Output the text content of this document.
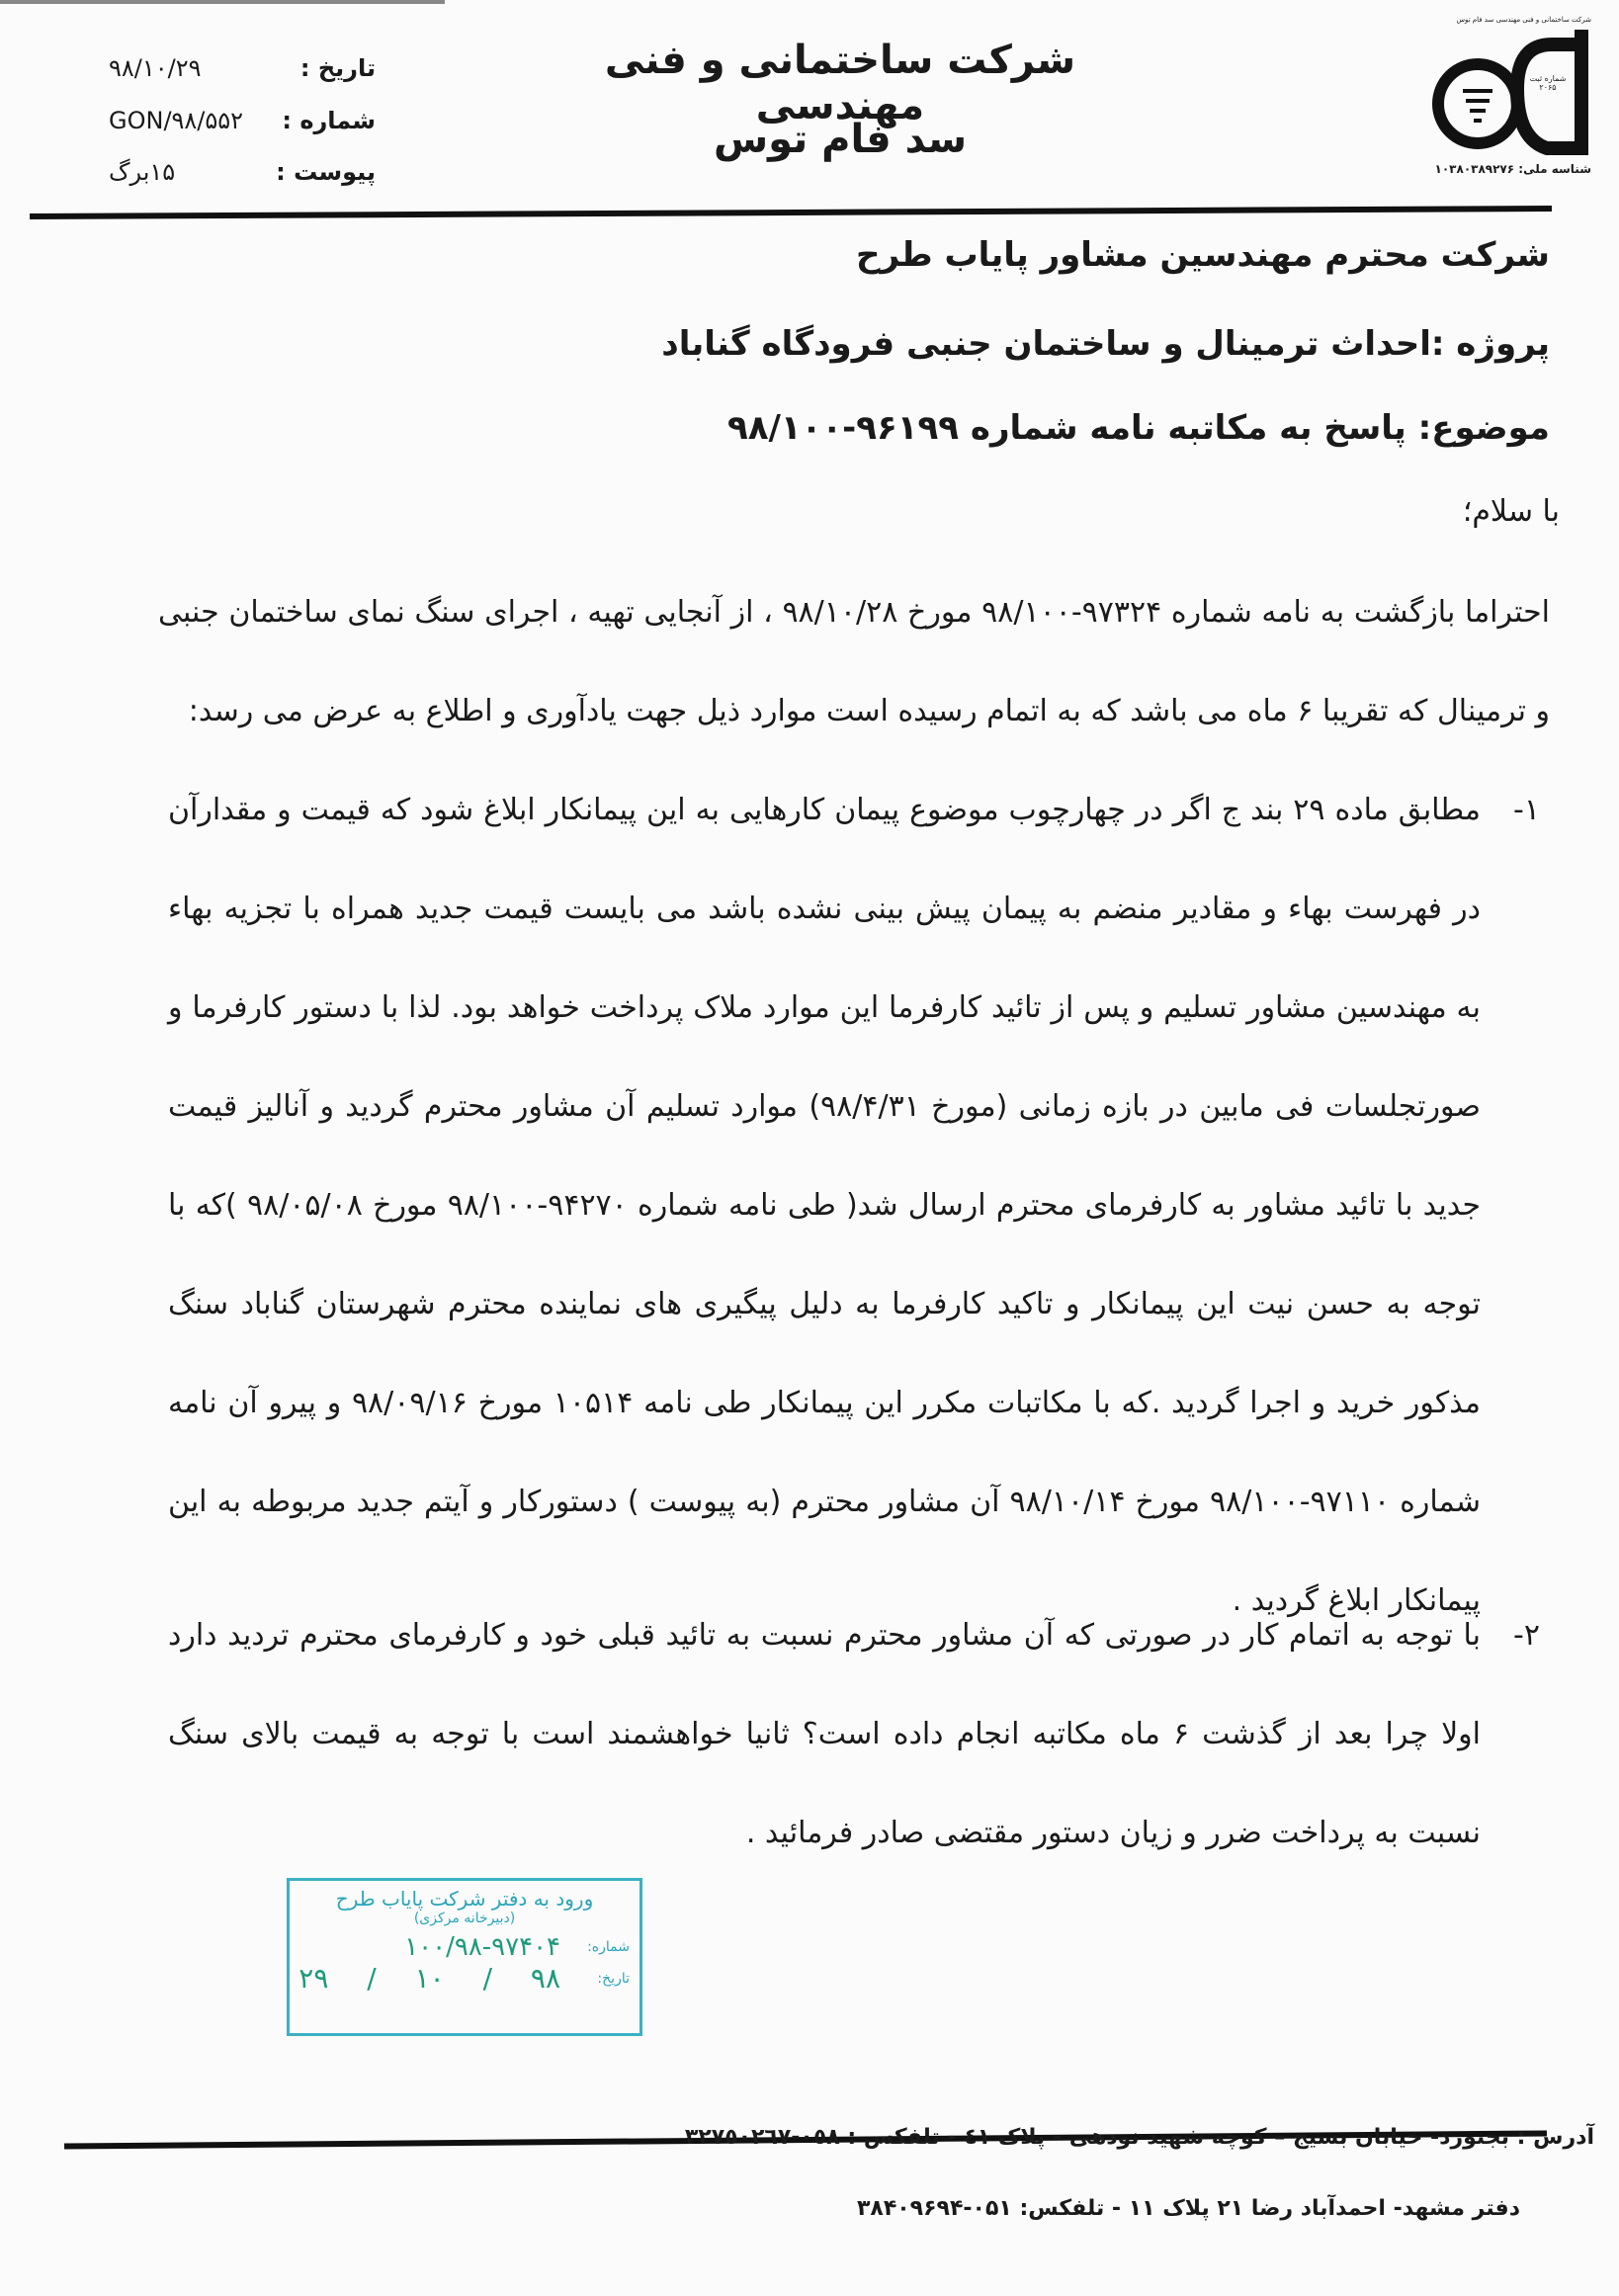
شرکت ساختمانی و فنی مهندسی
سد فام توس
تاریخ :
۹۸/۱۰/۲۹
شماره :
GON/۹۸/۵۵۲
پیوست :
۱۵برگ
شرکت ساختمانی و فنی مهندسی سد فام توس
شماره ثبت ۲۰۶۵
شناسه ملی: ۱۰۳۸۰۳۸۹۲۷۶
شرکت محترم مهندسین مشاور پایاب طرح
پروژه :احداث ترمینال و ساختمان جنبی فرودگاه گناباد
موضوع: پاسخ به مکاتبه نامه شماره ۹۶۱۹۹-۹۸/۱۰۰
با سلام؛
احتراما بازگشت به نامه شماره ۹۷۳۲۴-۹۸/۱۰۰ مورخ ۹۸/۱۰/۲۸ ، از آنجایی تهیه ، اجرای سنگ نمای ساختمان جنبی و ترمینال که تقریبا ۶ ماه می باشد که به اتمام رسیده است موارد ذیل جهت یادآوری و اطلاع به عرض می رسد:
۱-
مطابق ماده ۲۹ بند ج اگر در چهارچوب موضوع پیمان کارهایی به این پیمانکار ابلاغ شود که قیمت و مقدارآن در فهرست بهاء و مقادیر منضم به پیمان پیش بینی نشده باشد می بایست قیمت جدید همراه با تجزیه بهاء به مهندسین مشاور تسلیم و پس از تائید کارفرما این موارد ملاک پرداخت خواهد بود. لذا با دستور کارفرما و صورتجلسات فی مابین در بازه زمانی (مورخ ۹۸/۴/۳۱) موارد تسلیم آن مشاور محترم گردید و آنالیز قیمت جدید با تائید مشاور به کارفرمای محترم ارسال شد( طی نامه شماره ۹۴۲۷۰-۹۸/۱۰۰ مورخ ۹۸/۰۵/۰۸ )که با توجه به حسن نیت این پیمانکار و تاکید کارفرما به دلیل پیگیری های نماینده محترم شهرستان گناباد سنگ مذکور خرید و اجرا گردید .که با مکاتبات مکرر این پیمانکار طی نامه ۱۰۵۱۴ مورخ ۹۸/۰۹/۱۶ و پیرو آن نامه شماره ۹۷۱۱۰-۹۸/۱۰۰ مورخ ۹۸/۱۰/۱۴ آن مشاور محترم (به پیوست ) دستورکار و آیتم جدید مربوطه به این پیمانکار ابلاغ گردید .
۲-
با توجه به اتمام کار در صورتی که آن مشاور محترم نسبت به تائید قبلی خود و کارفرمای محترم تردید دارد اولا چرا بعد از گذشت ۶ ماه مکاتبه انجام داده است؟ ثانیا خواهشمند است با توجه به قیمت بالای سنگ نسبت به پرداخت ضرر و زیان دستور مقتضی صادر فرمائید .
ورود به دفتر شرکت پایاب طرح
(دبیرخانه مرکزی)
شماره:
۱۰۰/۹۸-۹۷۴۰۴
تاریخ:
۹۸ / ۱۰ / ۲۹
آدرس : بجنورد- خیابان بسیج – کوچه شهید نودهی - پلاک ٤١ - تلفکس : ٠٥٨-٣٢٧٥٠٢٦٧
دفتر مشهد- احمدآباد رضا ۲۱ پلاک ۱۱ - تلفکس: ۰۵۱-۳۸۴۰۹۶۹۴
